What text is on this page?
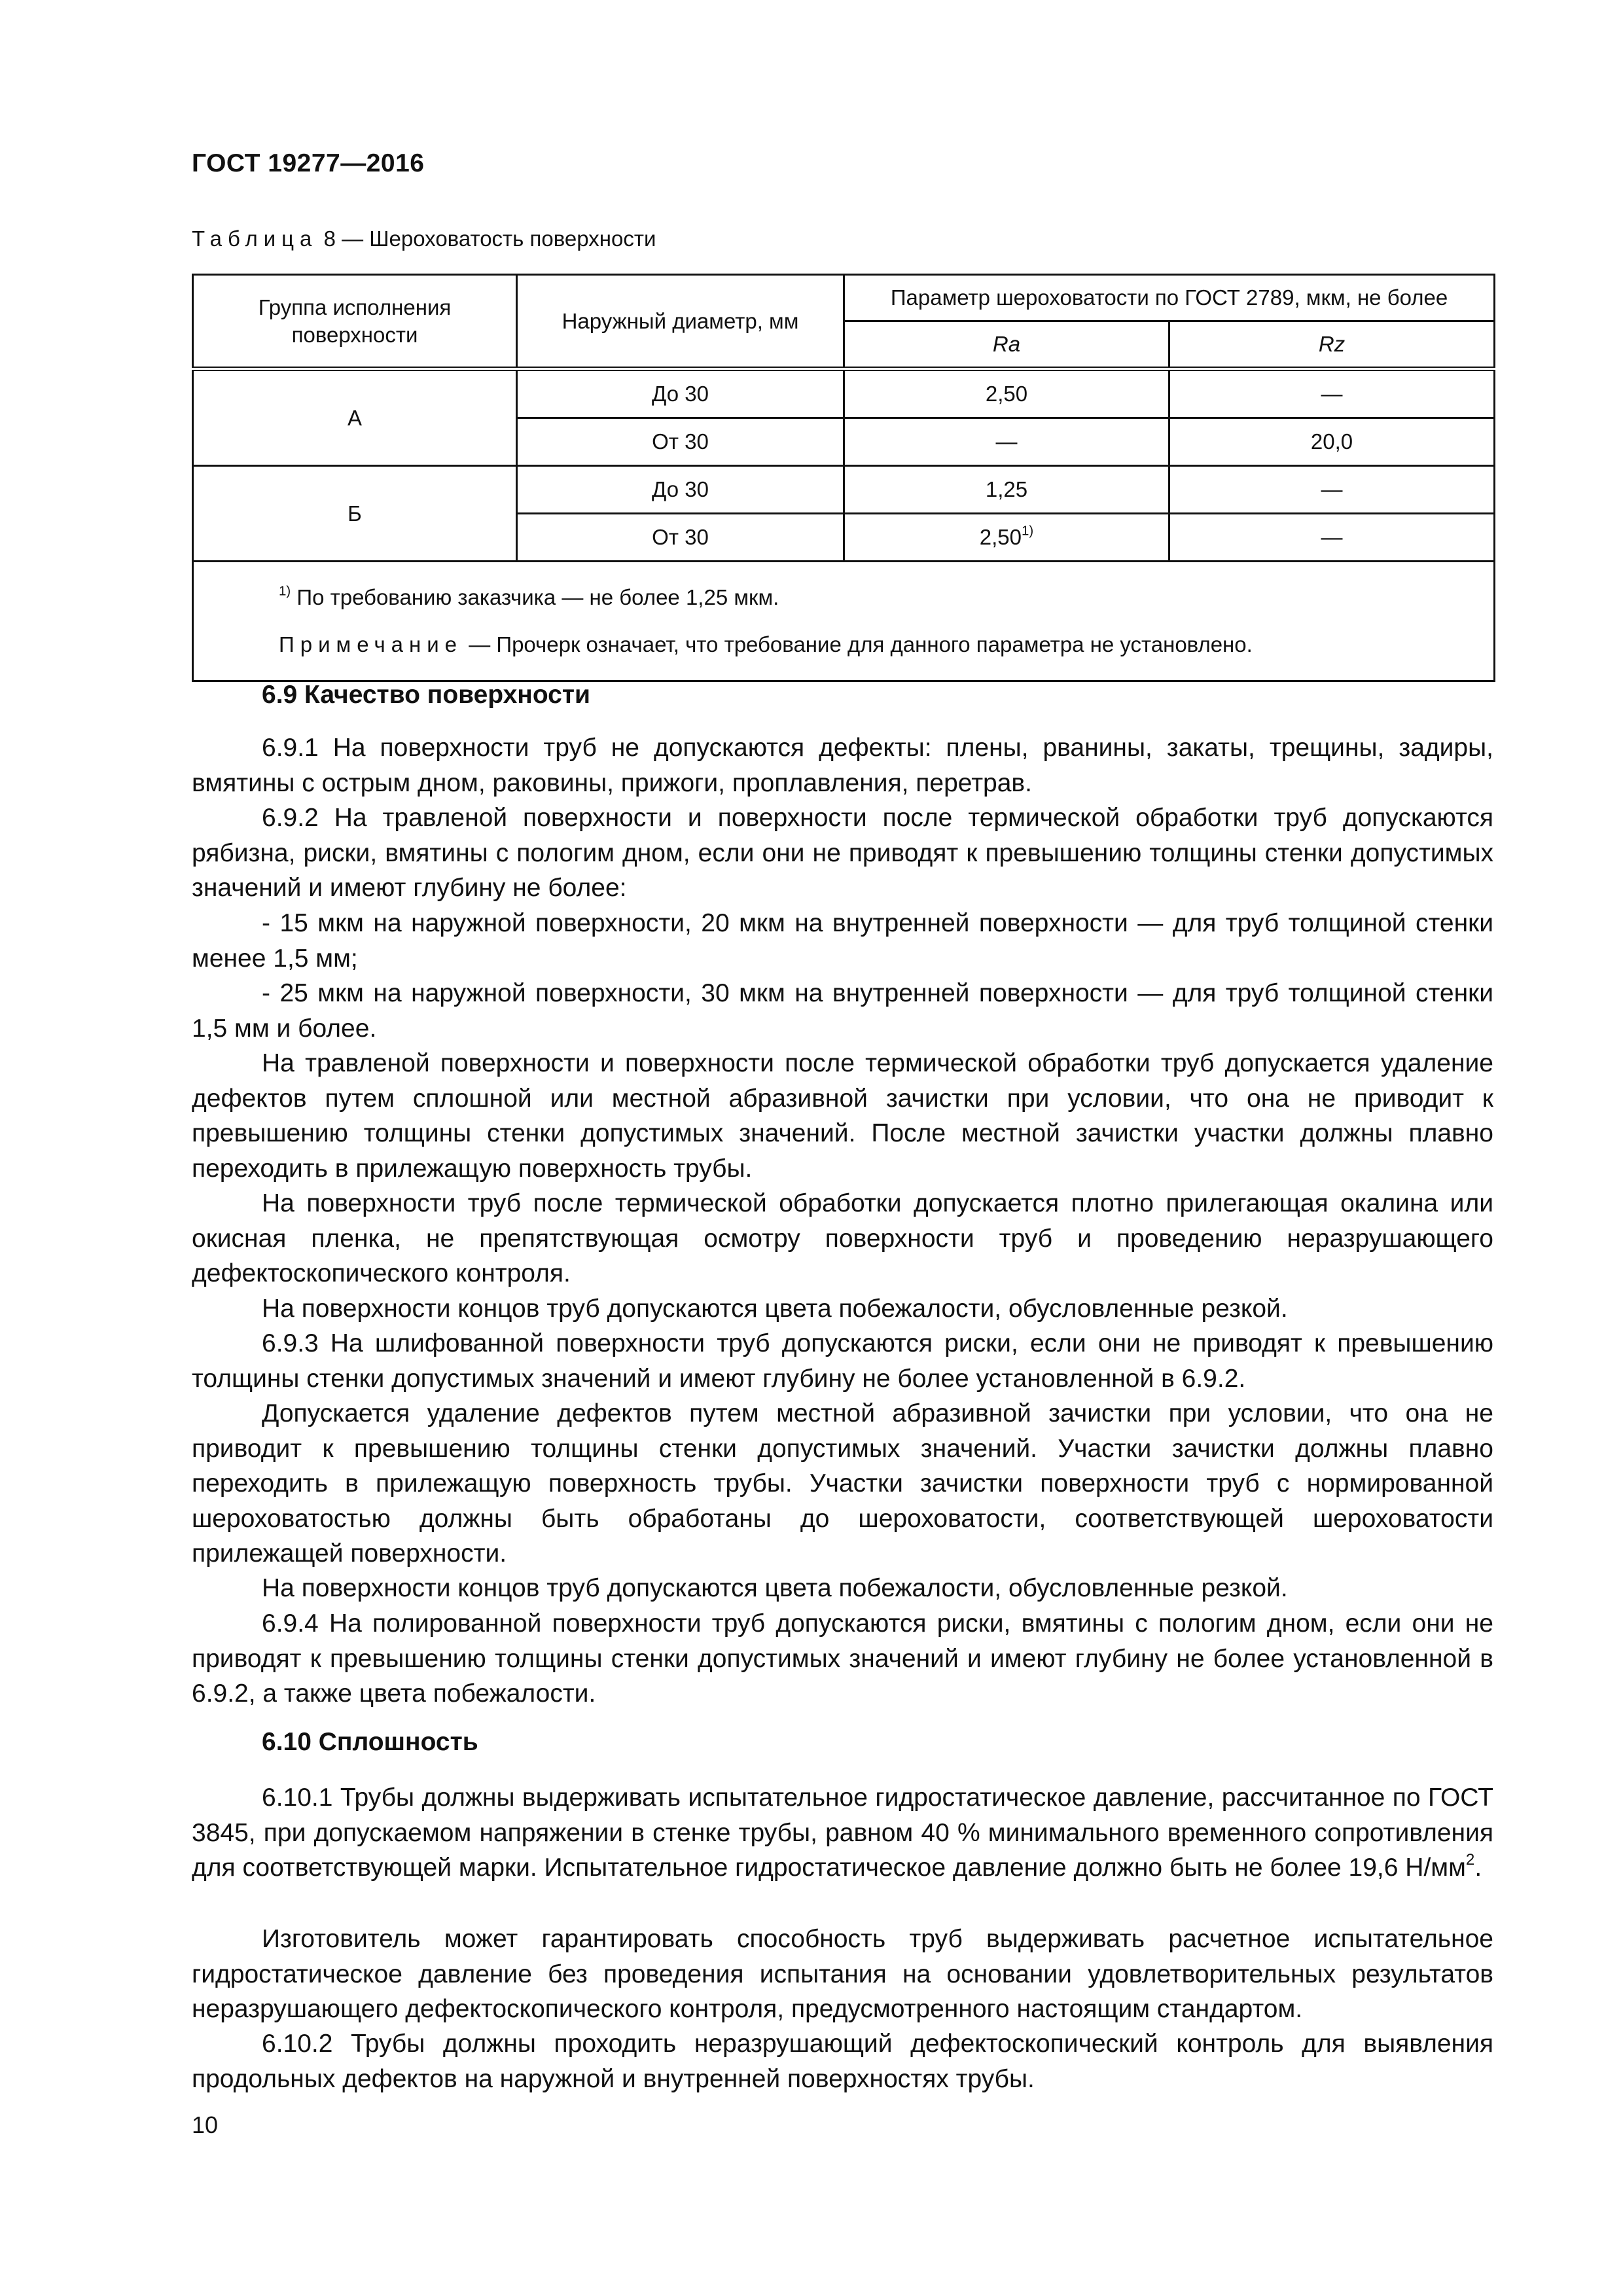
ГОСТ 19277—2016
Таблица 8 — Шероховатость поверхности
Группа исполнения поверхности	Наружный диаметр, мм	Параметр шероховатости по ГОСТ 2789, мкм, не более	
		Ra	Rz
А	До 30	2,50	—
	От 30	—	20,0
Б	До 30	1,25	—
	От 30	2,50$^{1)}$	—

$^{1)}$ По требованию заказчика — не более 1,25 мкм.
Примечание — Прочерк означает, что требование для данного параметра не установлено.			
6.9 Качество поверхности

6.9.1 На поверхности труб не допускаются дефекты: плены, рванины, закаты, трещины, задиры, вмятины с острым дном, раковины, прижоги, проплавления, перетрав.

6.9.2 На травленой поверхности и поверхности после термической обработки труб допускаются рябизна, риски, вмятины с пологим дном, если они не приводят к превышению толщины стенки допустимых значений и имеют глубину не более:

- 15 мкм на наружной поверхности, 20 мкм на внутренней поверхности — для труб толщиной стенки менее 1,5 мм;

- 25 мкм на наружной поверхности, 30 мкм на внутренней поверхности — для труб толщиной стенки 1,5 мм и более.

На травленой поверхности и поверхности после термической обработки труб допускается удаление дефектов путем сплошной или местной абразивной зачистки при условии, что она не приводит к превышению толщины стенки допустимых значений. После местной зачистки участки должны плавно переходить в прилежащую поверхность трубы.

На поверхности труб после термической обработки допускается плотно прилегающая окалина или окисная пленка, не препятствующая осмотру поверхности труб и проведению неразрушающего дефектоскопического контроля.

На поверхности концов труб допускаются цвета побежалости, обусловленные резкой.

6.9.3 На шлифованной поверхности труб допускаются риски, если они не приводят к превышению толщины стенки допустимых значений и имеют глубину не более установленной в 6.9.2.

Допускается удаление дефектов путем местной абразивной зачистки при условии, что она не приводит к превышению толщины стенки допустимых значений. Участки зачистки должны плавно переходить в прилежащую поверхность трубы. Участки зачистки поверхности труб с нормированной шероховатостью должны быть обработаны до шероховатости, соответствующей шероховатости прилежащей поверхности.

На поверхности концов труб допускаются цвета побежалости, обусловленные резкой.

6.9.4 На полированной поверхности труб допускаются риски, вмятины с пологим дном, если они не приводят к превышению толщины стенки допустимых значений и имеют глубину не более установленной в 6.9.2, а также цвета побежалости.

6.10 Сплошность

6.10.1 Трубы должны выдерживать испытательное гидростатическое давление, рассчитанное по ГОСТ 3845, при допускаемом напряжении в стенке трубы, равном 40 % минимального временного сопротивления для соответствующей марки. Испытательное гидростатическое давление должно быть не более 19,6 $Н/мм^2$.

Изготовитель может гарантировать способность труб выдерживать расчетное испытательное гидростатическое давление без проведения испытания на основании удовлетворительных результатов неразрушающего дефектоскопического контроля, предусмотренного настоящим стандартом.

6.10.2 Трубы должны проходить неразрушающий дефектоскопический контроль для выявления продольных дефектов на наружной и внутренней поверхностях трубы.

10
